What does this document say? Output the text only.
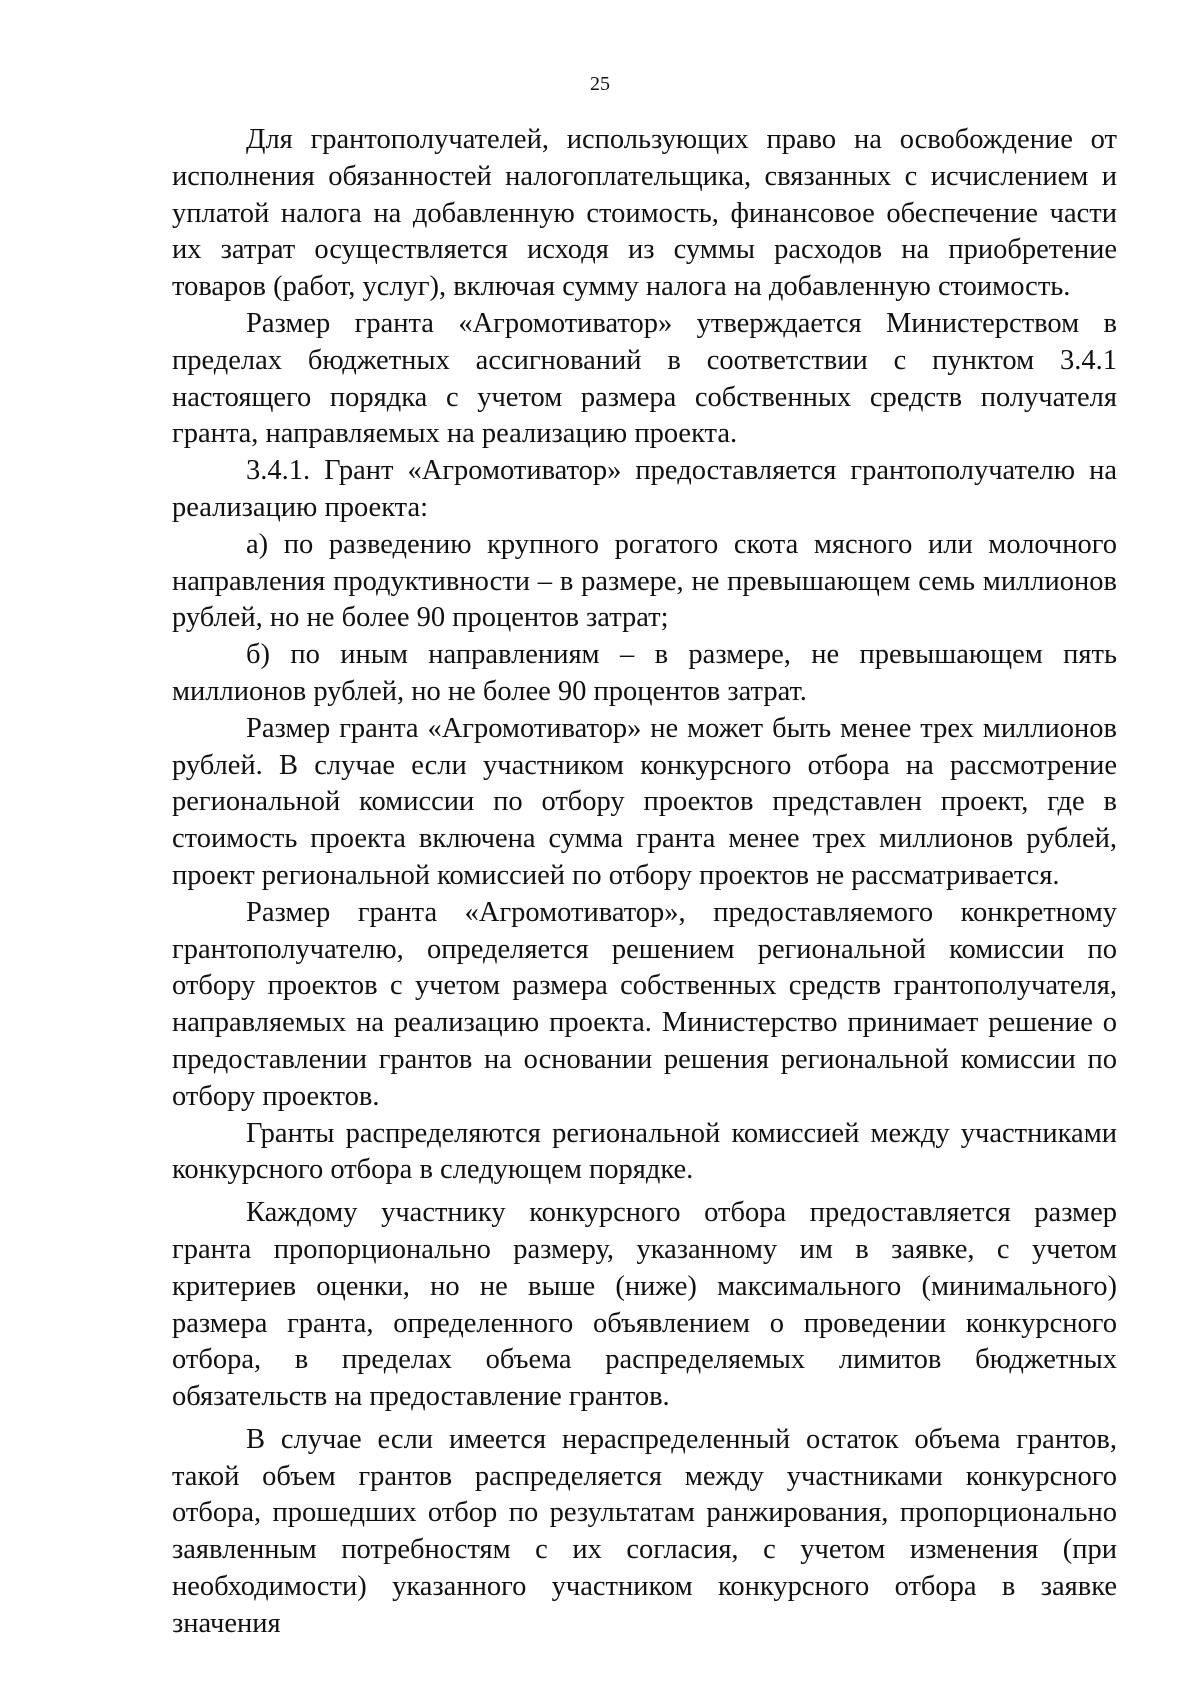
25

Для грантополучателей, использующих право на освобождение от исполнения обязанностей налогоплательщика, связанных с исчислением и уплатой налога на добавленную стоимость, финансовое обеспечение части их затрат осуществляется исходя из суммы расходов на приобретение товаров (работ, услуг), включая сумму налога на добавленную стоимость.

Размер гранта «Агромотиватор» утверждается Министерством в пределах бюджетных ассигнований в соответствии с пунктом 3.4.1 настоящего порядка с учетом размера собственных средств получателя гранта, направляемых на реализацию проекта.

3.4.1. Грант «Агромотиватор» предоставляется грантополучателю на реализацию проекта:

а) по разведению крупного рогатого скота мясного или молочного направления продуктивности – в размере, не превышающем семь миллионов рублей, но не более 90 процентов затрат;

б) по иным направлениям – в размере, не превышающем пять миллионов рублей, но не более 90 процентов затрат.

Размер гранта «Агромотиватор» не может быть менее трех миллионов рублей. В случае если участником конкурсного отбора на рассмотрение региональной комиссии по отбору проектов представлен проект, где в стоимость проекта включена сумма гранта менее трех миллионов рублей, проект региональной комиссией по отбору проектов не рассматривается.

Размер гранта «Агромотиватор», предоставляемого конкретному грантополучателю, определяется решением региональной комиссии по отбору проектов с учетом размера собственных средств грантополучателя, направляемых на реализацию проекта. Министерство принимает решение о предоставлении грантов на основании решения региональной комиссии по отбору проектов.

Гранты распределяются региональной комиссией между участниками конкурсного отбора в следующем порядке.

Каждому участнику конкурсного отбора предоставляется размер гранта пропорционально размеру, указанному им в заявке, с учетом критериев оценки, но не выше (ниже) максимального (минимального) размера гранта, определенного объявлением о проведении конкурсного отбора, в пределах объема распределяемых лимитов бюджетных обязательств на предоставление грантов.

В случае если имеется нераспределенный остаток объема грантов, такой объем грантов распределяется между участниками конкурсного отбора, прошедших отбор по результатам ранжирования, пропорционально заявленным потребностям с их согласия, с учетом изменения (при необходимости) указанного участником конкурсного отбора в заявке значения
